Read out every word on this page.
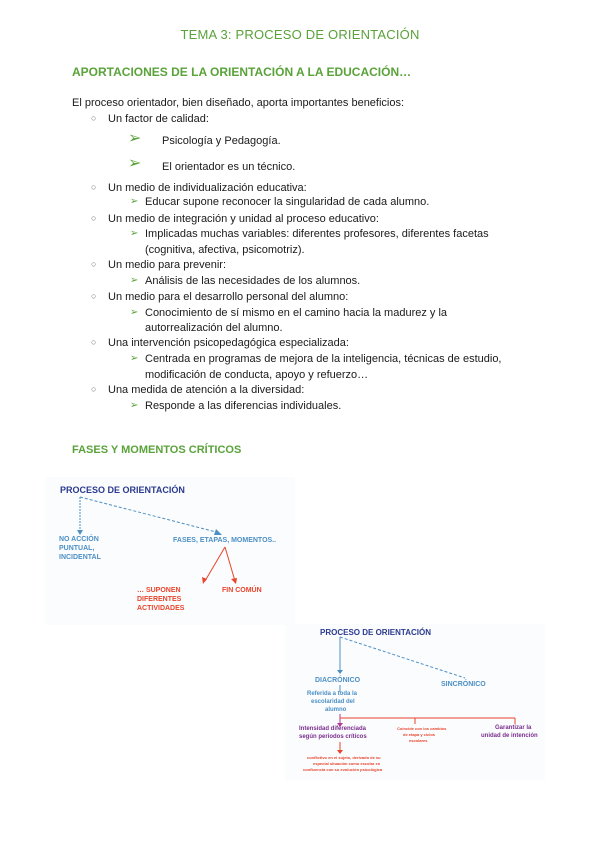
TEMA 3: PROCESO DE ORIENTACIÓN
APORTACIONES DE LA ORIENTACIÓN A LA EDUCACIÓN…
El proceso orientador, bien diseñado, aporta importantes beneficios:
○ Un factor de calidad:
➢ Psicología y Pedagogía.
➢ El orientador es un técnico.
○ Un medio de individualización educativa:
➢ Educar supone reconocer la singularidad de cada alumno.
○ Un medio de integración y unidad al proceso educativo:
➢ Implicadas muchas variables: diferentes profesores, diferentes facetas
(cognitiva, afectiva, psicomotriz).
○ Un medio para prevenir:
➢ Análisis de las necesidades de los alumnos.
○ Un medio para el desarrollo personal del alumno:
➢ Conocimiento de sí mismo en el camino hacia la madurez y la
autorrealización del alumno.
○ Una intervención psicopedagógica especializada:
➢ Centrada en programas de mejora de la inteligencia, técnicas de estudio,
modificación de conducta, apoyo y refuerzo…
○ Una medida de atención a la diversidad:
➢ Responde a las diferencias individuales.
FASES Y MOMENTOS CRÍTICOS
PROCESO DE ORIENTACIÓN
NO ACCIÓN
PUNTUAL,
INCIDENTAL
FASES, ETAPAS, MOMENTOS..
… SUPONEN
DIFERENTES
ACTIVIDADES
FIN COMÚN
PROCESO DE ORIENTACIÓN
DIACRÓNICO
SINCRÓNICO
Referida a toda la
escolaridad del
alumno
Intensidad diferenciada
según periodos críticos
Coincide con los cambios
de etapa y ciclos
escolares
Garantizar la
unidad de intención
conflictivo en el sujeto, derivado de su
especial situación como escolar en
confluencia con su evolución psicológica
